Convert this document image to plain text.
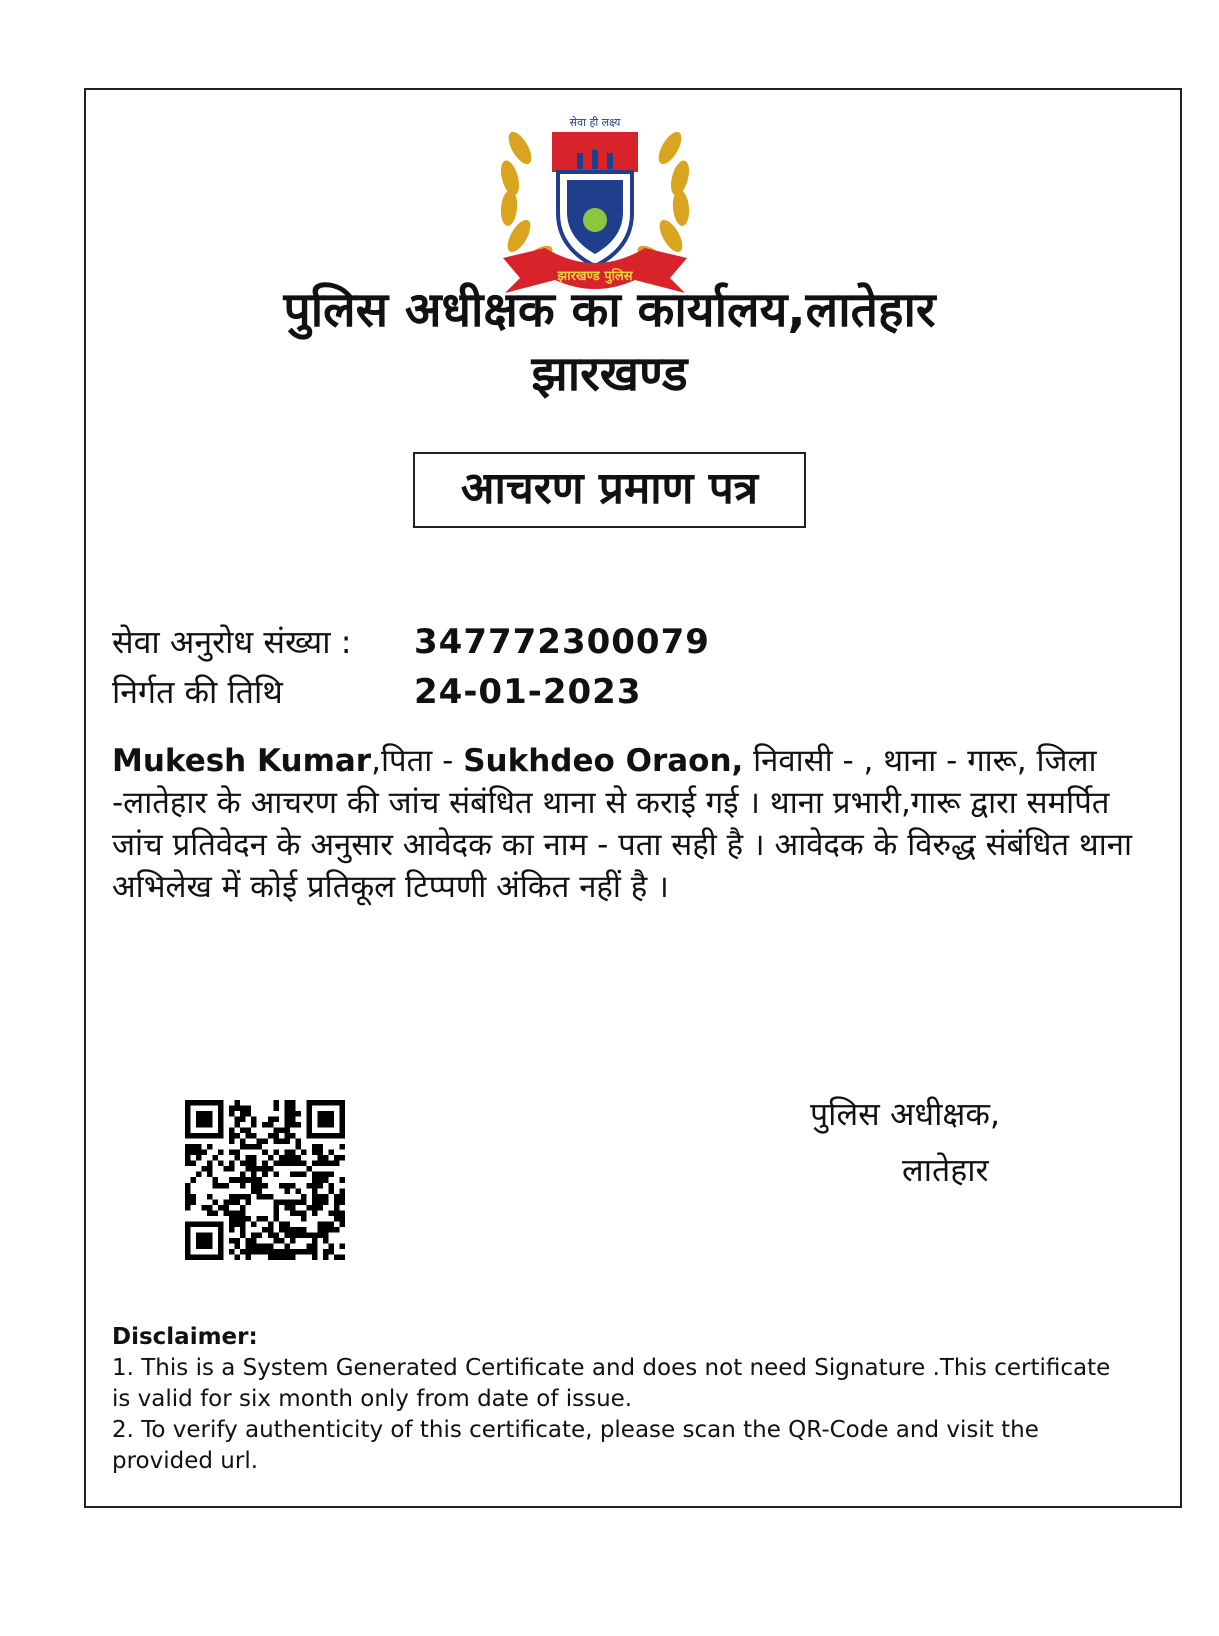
सेवा ही लक्ष्य
झारखण्ड पुलिस
पुलिस अधीक्षक का कार्यालय,लातेहार
झारखण्ड
आचरण प्रमाण पत्र
सेवा अनुरोध संख्या : 347772300079
निर्गत की तिथि	24-01-2023
Mukesh Kumar,पिता - Sukhdeo Oraon, निवासी - , थाना - गारू, जिला -लातेहार के आचरण की जांच संबंधित थाना से कराई गई । थाना प्रभारी,गारू द्वारा समर्पित जांच प्रतिवेदन के अनुसार आवेदक का नाम - पता सही है । आवेदक के विरुद्ध संबंधित थाना अभिलेख में कोई प्रतिकूल टिप्पणी अंकित नहीं है ।
पुलिस अधीक्षक,
लातेहार
Disclaimer:
1. This is a System Generated Certificate and does not need Signature .This certificate is valid for six month only from date of issue.
2. To verify authenticity of this certificate, please scan the QR-Code and visit the provided url.
